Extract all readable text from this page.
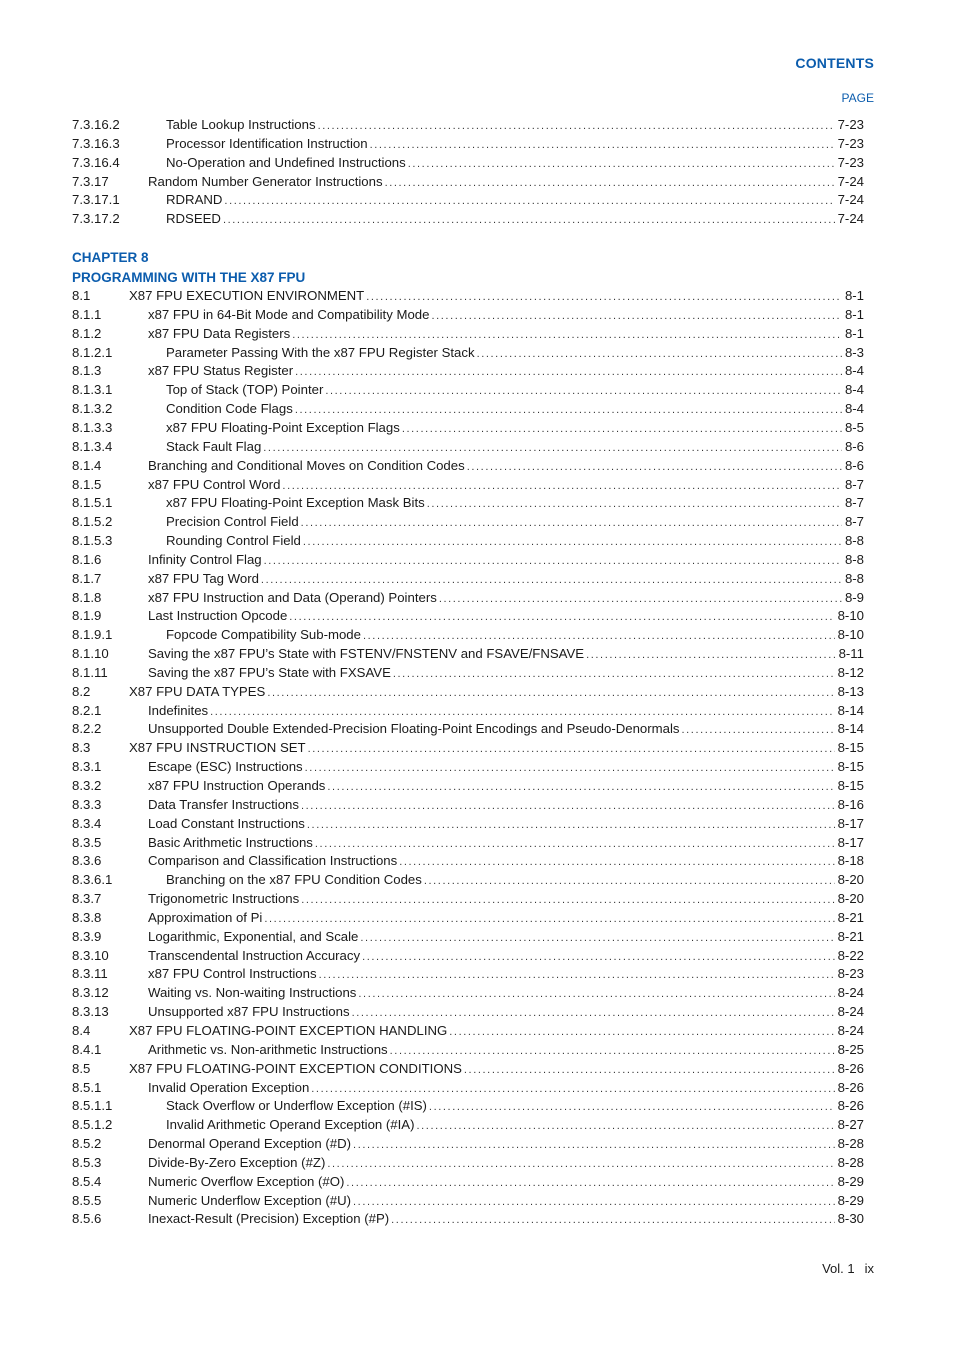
CONTENTS
PAGE
7.3.16.2	Table Lookup Instructions .....	7-23
7.3.16.3	Processor Identification Instruction .....	7-23
7.3.16.4	No-Operation and Undefined Instructions .....	7-23
7.3.17	Random Number Generator Instructions .....	7-24
7.3.17.1	RDRAND .....	7-24
7.3.17.2	RDSEED .....	7-24
CHAPTER 8
PROGRAMMING WITH THE X87 FPU
8.1	X87 FPU EXECUTION ENVIRONMENT .....	8-1
8.1.1	x87 FPU in 64-Bit Mode and Compatibility Mode .....	8-1
8.1.2	x87 FPU Data Registers .....	8-1
8.1.2.1	Parameter Passing With the x87 FPU Register Stack .....	8-3
8.1.3	x87 FPU Status Register .....	8-4
8.1.3.1	Top of Stack (TOP) Pointer .....	8-4
8.1.3.2	Condition Code Flags .....	8-4
8.1.3.3	x87 FPU Floating-Point Exception Flags .....	8-5
8.1.3.4	Stack Fault Flag .....	8-6
8.1.4	Branching and Conditional Moves on Condition Codes .....	8-6
8.1.5	x87 FPU Control Word .....	8-7
8.1.5.1	x87 FPU Floating-Point Exception Mask Bits .....	8-7
8.1.5.2	Precision Control Field .....	8-7
8.1.5.3	Rounding Control Field .....	8-8
8.1.6	Infinity Control Flag .....	8-8
8.1.7	x87 FPU Tag Word .....	8-8
8.1.8	x87 FPU Instruction and Data (Operand) Pointers .....	8-9
8.1.9	Last Instruction Opcode .....	8-10
8.1.9.1	Fopcode Compatibility Sub-mode .....	8-10
8.1.10	Saving the x87 FPU’s State with FSTENV/FNSTENV and FSAVE/FNSAVE .....	8-11
8.1.11	Saving the x87 FPU’s State with FXSAVE .....	8-12
8.2	X87 FPU DATA TYPES .....	8-13
8.2.1	Indefinites .....	8-14
8.2.2	Unsupported Double Extended-Precision Floating-Point Encodings and Pseudo-Denormals .....	8-14
8.3	X87 FPU INSTRUCTION SET .....	8-15
8.3.1	Escape (ESC) Instructions .....	8-15
8.3.2	x87 FPU Instruction Operands .....	8-15
8.3.3	Data Transfer Instructions .....	8-16
8.3.4	Load Constant Instructions .....	8-17
8.3.5	Basic Arithmetic Instructions .....	8-17
8.3.6	Comparison and Classification Instructions .....	8-18
8.3.6.1	Branching on the x87 FPU Condition Codes .....	8-20
8.3.7	Trigonometric Instructions .....	8-20
8.3.8	Approximation of Pi .....	8-21
8.3.9	Logarithmic, Exponential, and Scale .....	8-21
8.3.10	Transcendental Instruction Accuracy .....	8-22
8.3.11	x87 FPU Control Instructions .....	8-23
8.3.12	Waiting vs. Non-waiting Instructions .....	8-24
8.3.13	Unsupported x87 FPU Instructions .....	8-24
8.4	X87 FPU FLOATING-POINT EXCEPTION HANDLING .....	8-24
8.4.1	Arithmetic vs. Non-arithmetic Instructions .....	8-25
8.5	X87 FPU FLOATING-POINT EXCEPTION CONDITIONS .....	8-26
8.5.1	Invalid Operation Exception .....	8-26
8.5.1.1	Stack Overflow or Underflow Exception (#IS) .....	8-26
8.5.1.2	Invalid Arithmetic Operand Exception (#IA) .....	8-27
8.5.2	Denormal Operand Exception (#D) .....	8-28
8.5.3	Divide-By-Zero Exception (#Z) .....	8-28
8.5.4	Numeric Overflow Exception (#O) .....	8-29
8.5.5	Numeric Underflow Exception (#U) .....	8-29
8.5.6	Inexact-Result (Precision) Exception (#P) .....	8-30
Vol. 1 ix
